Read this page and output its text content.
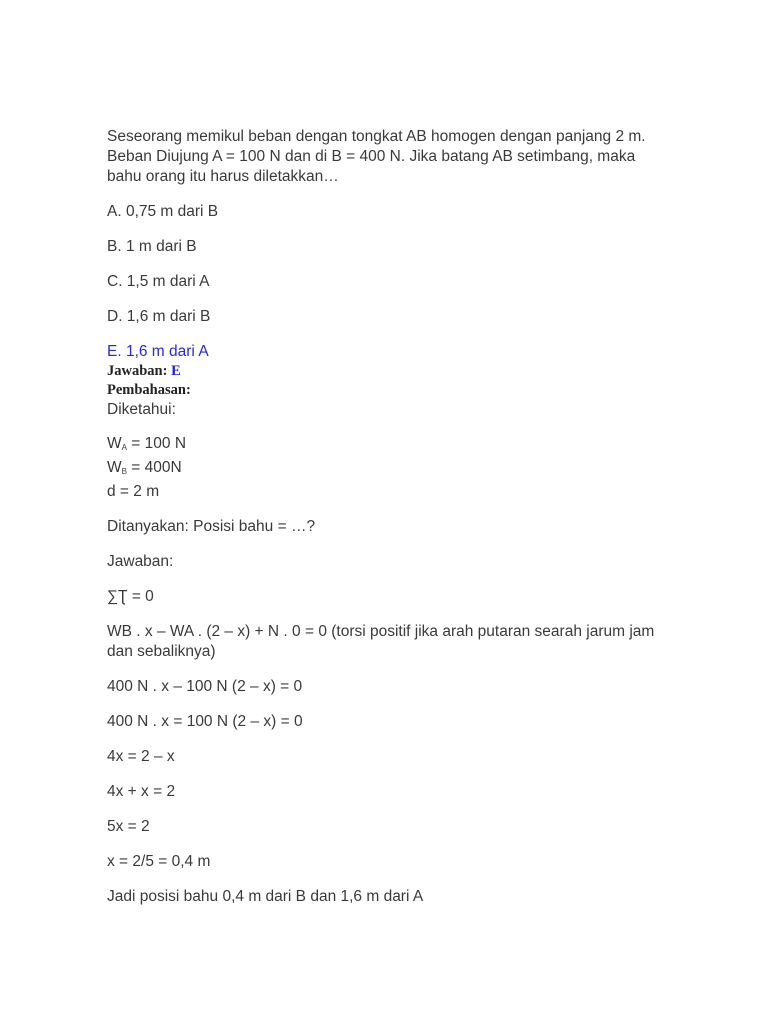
Seseorang memikul beban dengan tongkat AB homogen dengan panjang 2 m. Beban Diujung A = 100 N dan di B = 400 N. Jika batang AB setimbang, maka bahu orang itu harus diletakkan…

A. 0,75 m dari B

B. 1 m dari B

C. 1,5 m dari A

D. 1,6 m dari B

E. 1,6 m dari A

Jawaban: E
Pembahasan:

Diketahui:

$W_A = 100$ N
$W_B = 400N$
d = 2 m

Ditanyakan: Posisi bahu = …?

Jawaban:

∑Ʈ = 0

WB . x – WA . (2 – x) + N . 0 = 0 (torsi positif jika arah putaran searah jarum jam dan sebaliknya)

400 N . x – 100 N (2 – x) = 0

400 N . x = 100 N (2 – x) = 0

4x = 2 – x

4x + x = 2

5x = 2

x = 2/5 = 0,4 m

Jadi posisi bahu 0,4 m dari B dan 1,6 m dari A
